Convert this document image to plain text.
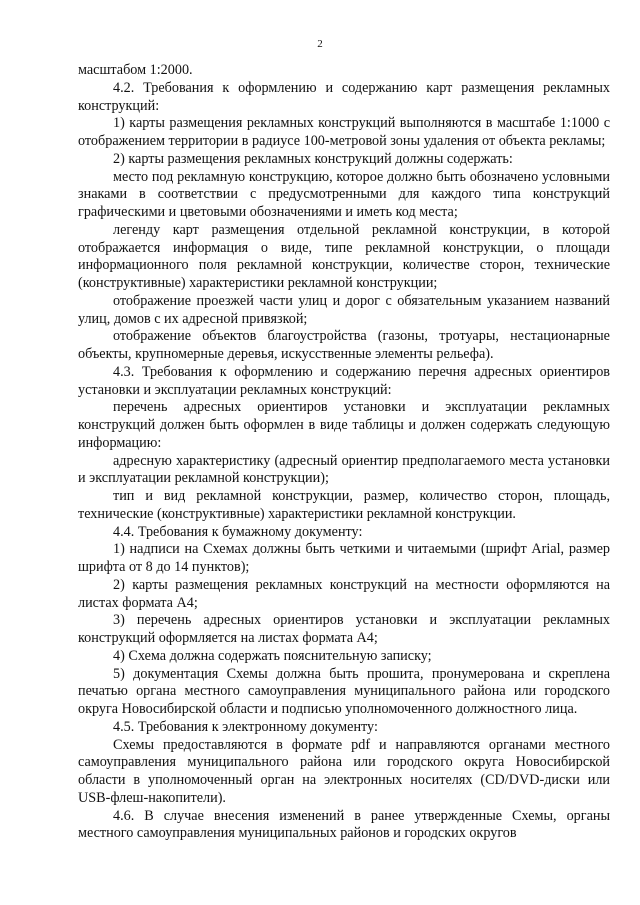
2

масштабом 1:2000.

4.2. Требования к оформлению и содержанию карт размещения рекламных конструкций:

1) карты размещения рекламных конструкций выполняются в масштабе 1:1000 с отображением территории в радиусе 100-метровой зоны удаления от объекта рекламы;

2) карты размещения рекламных конструкций должны содержать:

место под рекламную конструкцию, которое должно быть обозначено условными знаками в соответствии с предусмотренными для каждого типа конструкций графическими и цветовыми обозначениями и иметь код места;

легенду карт размещения отдельной рекламной конструкции, в которой отображается информация о виде, типе рекламной конструкции, о площади информационного поля рекламной конструкции, количестве сторон, технические (конструктивные) характеристики рекламной конструкции;

отображение проезжей части улиц и дорог с обязательным указанием названий улиц, домов с их адресной привязкой;

отображение объектов благоустройства (газоны, тротуары, нестационарные объекты, крупномерные деревья, искусственные элементы рельефа).

4.3. Требования к оформлению и содержанию перечня адресных ориентиров установки и эксплуатации рекламных конструкций:

перечень адресных ориентиров установки и эксплуатации рекламных конструкций должен быть оформлен в виде таблицы и должен содержать следующую информацию:

адресную характеристику (адресный ориентир предполагаемого места установки и эксплуатации рекламной конструкции);

тип и вид рекламной конструкции, размер, количество сторон, площадь, технические (конструктивные) характеристики рекламной конструкции.

4.4. Требования к бумажному документу:

1) надписи на Схемах должны быть четкими и читаемыми (шрифт Arial, размер шрифта от 8 до 14 пунктов);

2) карты размещения рекламных конструкций на местности оформляются на листах формата А4;

3) перечень адресных ориентиров установки и эксплуатации рекламных конструкций оформляется на листах формата А4;

4) Схема должна содержать пояснительную записку;

5) документация Схемы должна быть прошита, пронумерована и скреплена печатью органа местного самоуправления муниципального района или городского округа Новосибирской области и подписью уполномоченного должностного лица.

4.5. Требования к электронному документу:

Схемы предоставляются в формате pdf и направляются органами местного самоуправления муниципального района или городского округа Новосибирской области в уполномоченный орган на электронных носителях (CD/DVD-диски или USB-флеш-накопители).

4.6. В случае внесения изменений в ранее утвержденные Схемы, органы местного самоуправления муниципальных районов и городских округов
